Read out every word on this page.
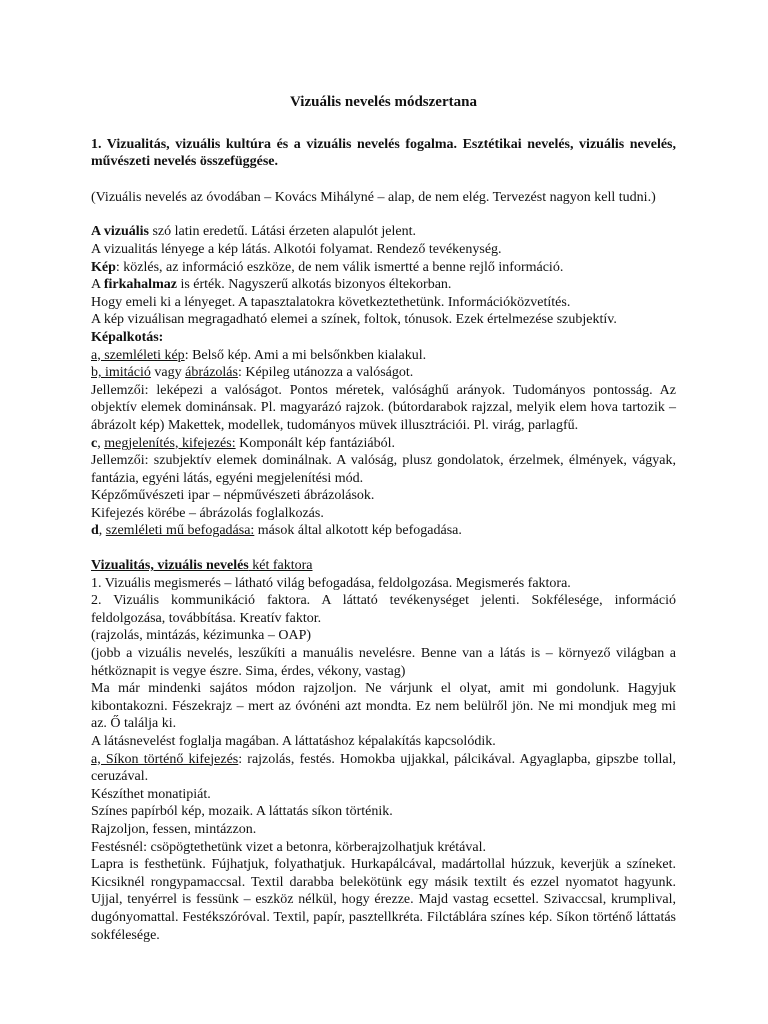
Vizuális nevelés módszertana

1. Vizualitás, vizuális kultúra és a vizuális nevelés fogalma. Esztétikai nevelés, vizuális nevelés, művészeti nevelés összefüggése.

(Vizuális nevelés az óvodában – Kovács Mihályné – alap, de nem elég. Tervezést nagyon kell tudni.)

A vizuális szó latin eredetű. Látási érzeten alapulót jelent.

A vizualitás lényege a kép látás. Alkotói folyamat. Rendező tevékenység.

Kép: közlés, az információ eszköze, de nem válik ismertté a benne rejlő információ.

A firkahalmaz is érték. Nagyszerű alkotás bizonyos éltekorban.

Hogy emeli ki a lényeget. A tapasztalatokra következtethetünk. Információközvetítés.

A kép vizuálisan megragadható elemei a színek, foltok, tónusok. Ezek értelmezése szubjektív.

Képalkotás:

a, szemléleti kép: Belső kép. Ami a mi belsőnkben kialakul.

b, imitáció vagy ábrázolás: Képileg utánozza a valóságot.

Jellemzői: leképezi a valóságot. Pontos méretek, valósághű arányok. Tudományos pontosság. Az objektív elemek dominánsak. Pl. magyarázó rajzok. (bútordarabok rajzzal, melyik elem hova tartozik – ábrázolt kép) Makettek, modellek, tudományos müvek illusztrációi. Pl. virág, parlagfű.

c, megjelenítés, kifejezés: Komponált kép fantáziából.

Jellemzői: szubjektív elemek dominálnak. A valóság, plusz gondolatok, érzelmek, élmények, vágyak, fantázia, egyéni látás, egyéni megjelenítési mód.

Képzőművészeti ipar – népművészeti ábrázolások.

Kifejezés körébe – ábrázolás foglalkozás.

d, szemléleti mű befogadása: mások által alkotott kép befogadása.

Vizualitás, vizuális nevelés két faktora

1. Vizuális megismerés – látható világ befogadása, feldolgozása. Megismerés faktora.

2. Vizuális kommunikáció faktora. A láttató tevékenységet jelenti. Sokfélesége, információ feldolgozása, továbbítása. Kreatív faktor.

(rajzolás, mintázás, kézimunka – OAP)

(jobb a vizuális nevelés, leszűkíti a manuális nevelésre. Benne van a látás is – környező világban a hétköznapit is vegye észre. Sima, érdes, vékony, vastag)

Ma már mindenki sajátos módon rajzoljon. Ne várjunk el olyat, amit mi gondolunk. Hagyjuk kibontakozni. Fészekrajz – mert az óvónéni azt mondta. Ez nem belülről jön. Ne mi mondjuk meg mi az. Ő találja ki.

A látásnevelést foglalja magában. A láttatáshoz képalakítás kapcsolódik.

a, Síkon történő kifejezés: rajzolás, festés. Homokba ujjakkal, pálcikával. Agyaglapba, gipszbe tollal, ceruzával.

Készíthet monatipiát.

Színes papírból kép, mozaik. A láttatás síkon történik.

Rajzoljon, fessen, mintázzon.

Festésnél: csöpögtethetünk vizet a betonra, körberajzolhatjuk krétával.

Lapra is festhetünk. Fújhatjuk, folyathatjuk. Hurkapálcával, madártollal húzzuk, keverjük a színeket. Kicsiknél rongypamaccsal. Textil darabba belekötünk egy másik textilt és ezzel nyomatot hagyunk. Ujjal, tenyérrel is fessünk – eszköz nélkül, hogy érezze. Majd vastag ecsettel. Szivaccsal, krumplival, dugónyomattal. Festékszóróval. Textil, papír, pasztellkréta. Filctáblára színes kép. Síkon történő láttatás sokfélesége.
